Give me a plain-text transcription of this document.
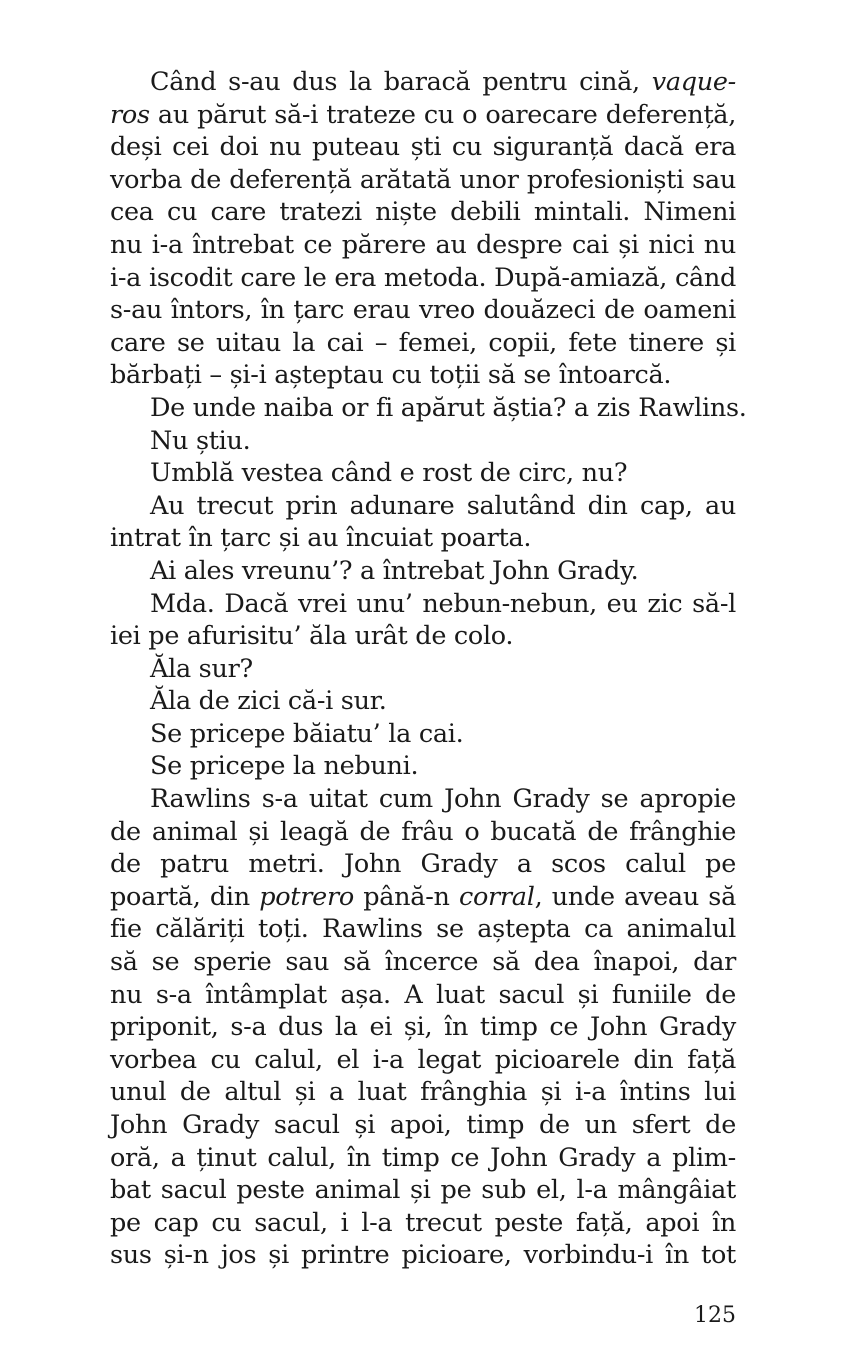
Când s-au dus la baracă pentru cină, vaque-
ros au părut să-i trateze cu o oarecare deferență,
deși cei doi nu puteau ști cu siguranță dacă era
vorba de deferență arătată unor profesioniști sau
cea cu care tratezi niște debili mintali. Nimeni
nu i-a întrebat ce părere au despre cai și nici nu
i-a iscodit care le era metoda. După-amiază, când
s-au întors, în țarc erau vreo douăzeci de oameni
care se uitau la cai – femei, copii, fete tinere și
bărbați – și-i așteptau cu toții să se întoarcă.
De unde naiba or fi apărut ăștia? a zis Rawlins.
Nu știu.
Umblă vestea când e rost de circ, nu?
Au trecut prin adunare salutând din cap, au
intrat în țarc și au încuiat poarta.
Ai ales vreunu’? a întrebat John Grady.
Mda. Dacă vrei unu’ nebun-nebun, eu zic să-l
iei pe afurisitu’ ăla urât de colo.
Ăla sur?
Ăla de zici că-i sur.
Se pricepe băiatu’ la cai.
Se pricepe la nebuni.
Rawlins s-a uitat cum John Grady se apropie
de animal și leagă de frâu o bucată de frânghie
de patru metri. John Grady a scos calul pe
poartă, din potrero până-n corral, unde aveau să
fie călăriți toți. Rawlins se aștepta ca animalul
să se sperie sau să încerce să dea înapoi, dar
nu s-a întâmplat așa. A luat sacul și funiile de
priponit, s-a dus la ei și, în timp ce John Grady
vorbea cu calul, el i-a legat picioarele din față
unul de altul și a luat frânghia și i-a întins lui
John Grady sacul și apoi, timp de un sfert de
oră, a ținut calul, în timp ce John Grady a plim-
bat sacul peste animal și pe sub el, l-a mângâiat
pe cap cu sacul, i l-a trecut peste față, apoi în
sus și-n jos și printre picioare, vorbindu-i în tot
125
